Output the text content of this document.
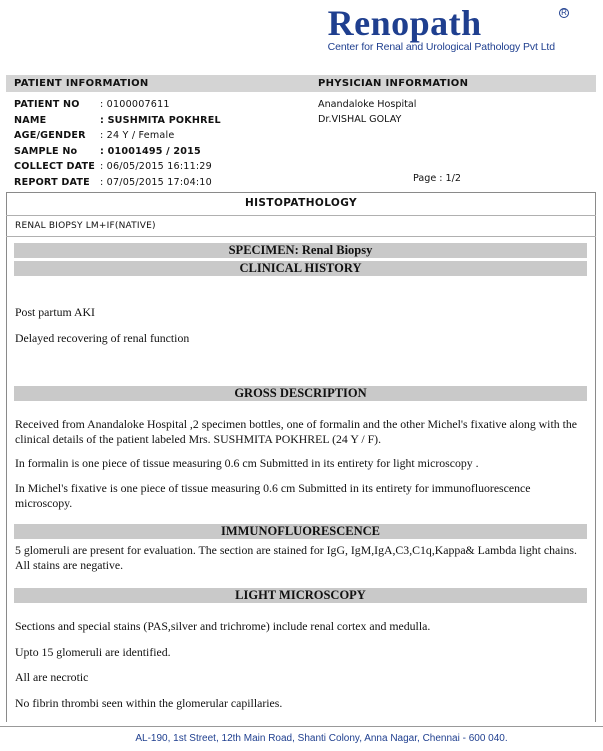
Renopath	R
Center for Renal and Urological Pathology Pvt Ltd
PATIENT INFORMATION	PHYSICIAN INFORMATION
PATIENT NO	: 0100007611
NAME	: SUSHMITA POKHREL
AGE/GENDER	: 24 Y / Female
SAMPLE No	: 01001495 / 2015
COLLECT DATE : 06/05/2015 16:11:29
REPORT DATE	: 07/05/2015 17:04:10
Anandaloke Hospital
Dr.VISHAL GOLAY
Page : 1/2
HISTOPATHOLOGY
RENAL BIOPSY LM+IF(NATIVE)
SPECIMEN: Renal Biopsy
CLINICAL HISTORY
Post partum AKI
Delayed recovering of renal function
GROSS DESCRIPTION
Received from Anandaloke Hospital ,2 specimen bottles, one of formalin and the other Michel's fixative along with the clinical details of the patient labeled Mrs. SUSHMITA POKHREL (24 Y / F).
In formalin is one piece of tissue measuring 0.6 cm Submitted in its entirety for light microscopy .
In Michel's fixative is one piece of tissue measuring 0.6 cm Submitted in its entirety for immunofluorescence microscopy.
IMMUNOFLUORESCENCE
5 glomeruli are present for evaluation. The section are stained for IgG, IgM,IgA,C3,C1q,Kappa& Lambda light chains. All stains are negative.
LIGHT MICROSCOPY
Sections and special stains (PAS,silver and trichrome) include renal cortex and medulla.
Upto 15 glomeruli are identified.
All are necrotic
No fibrin thrombi seen within the glomerular capillaries.
AL-190, 1st Street, 12th Main Road, Shanti Colony, Anna Nagar, Chennai - 600 040.
